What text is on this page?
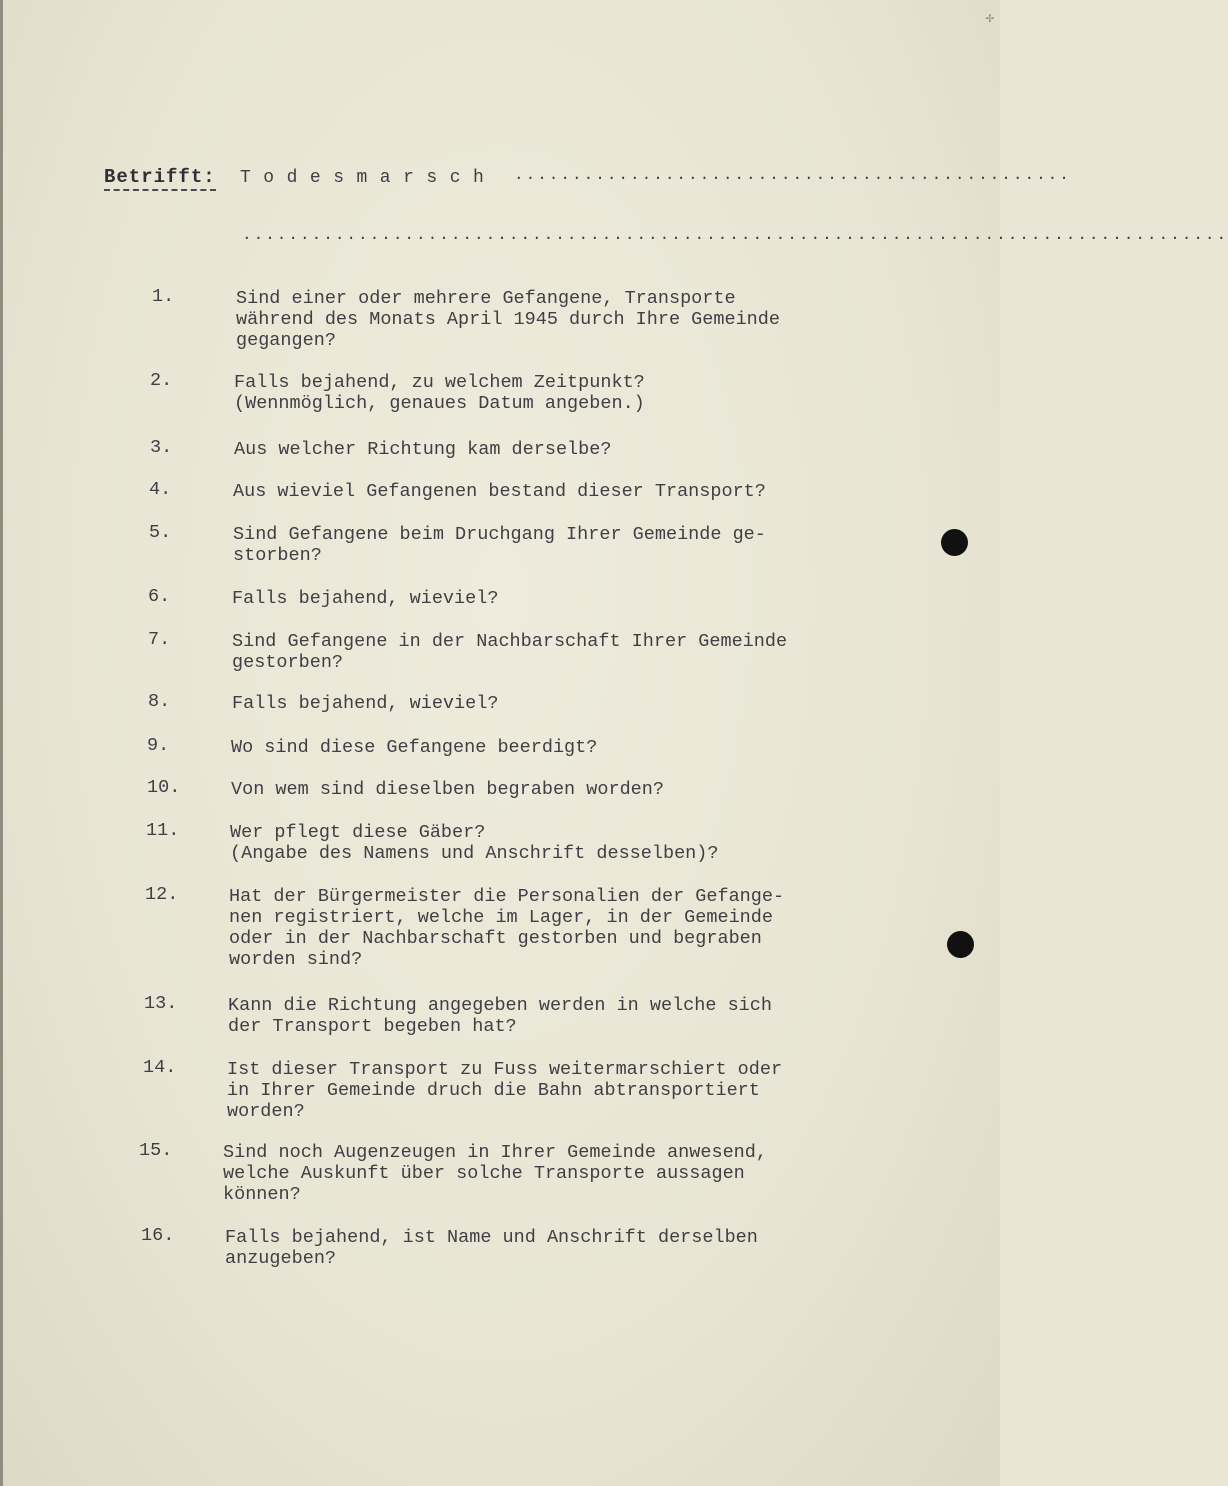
✢
Betrifft: Todesmarsch ................................................
.....................................................................................
1.	Sind einer oder mehrere Gefangene, Transporte
während des Monats April 1945 durch Ihre Gemeinde
gegangen?
2.	Falls bejahend, zu welchem Zeitpunkt?
(Wennmöglich, genaues Datum angeben.)
3.	Aus welcher Richtung kam derselbe?
4.	Aus wieviel Gefangenen bestand dieser Transport?
5.	Sind Gefangene beim Druchgang Ihrer Gemeinde ge-
storben?
6.	Falls bejahend, wieviel?
7.	Sind Gefangene in der Nachbarschaft Ihrer Gemeinde
gestorben?
8.	Falls bejahend, wieviel?
9.	Wo sind diese Gefangene beerdigt?
10.	Von wem sind dieselben begraben worden?
11.	Wer pflegt diese Gäber?
(Angabe des Namens und Anschrift desselben)?
12.	Hat der Bürgermeister die Personalien der Gefange-
nen registriert, welche im Lager, in der Gemeinde
oder in der Nachbarschaft gestorben und begraben
worden sind?
13.	Kann die Richtung angegeben werden in welche sich
der Transport begeben hat?
14.	Ist dieser Transport zu Fuss weitermarschiert oder
in Ihrer Gemeinde druch die Bahn abtransportiert
worden?
15.	Sind noch Augenzeugen in Ihrer Gemeinde anwesend,
welche Auskunft über solche Transporte aussagen
können?
16.	Falls bejahend, ist Name und Anschrift derselben
anzugeben?
